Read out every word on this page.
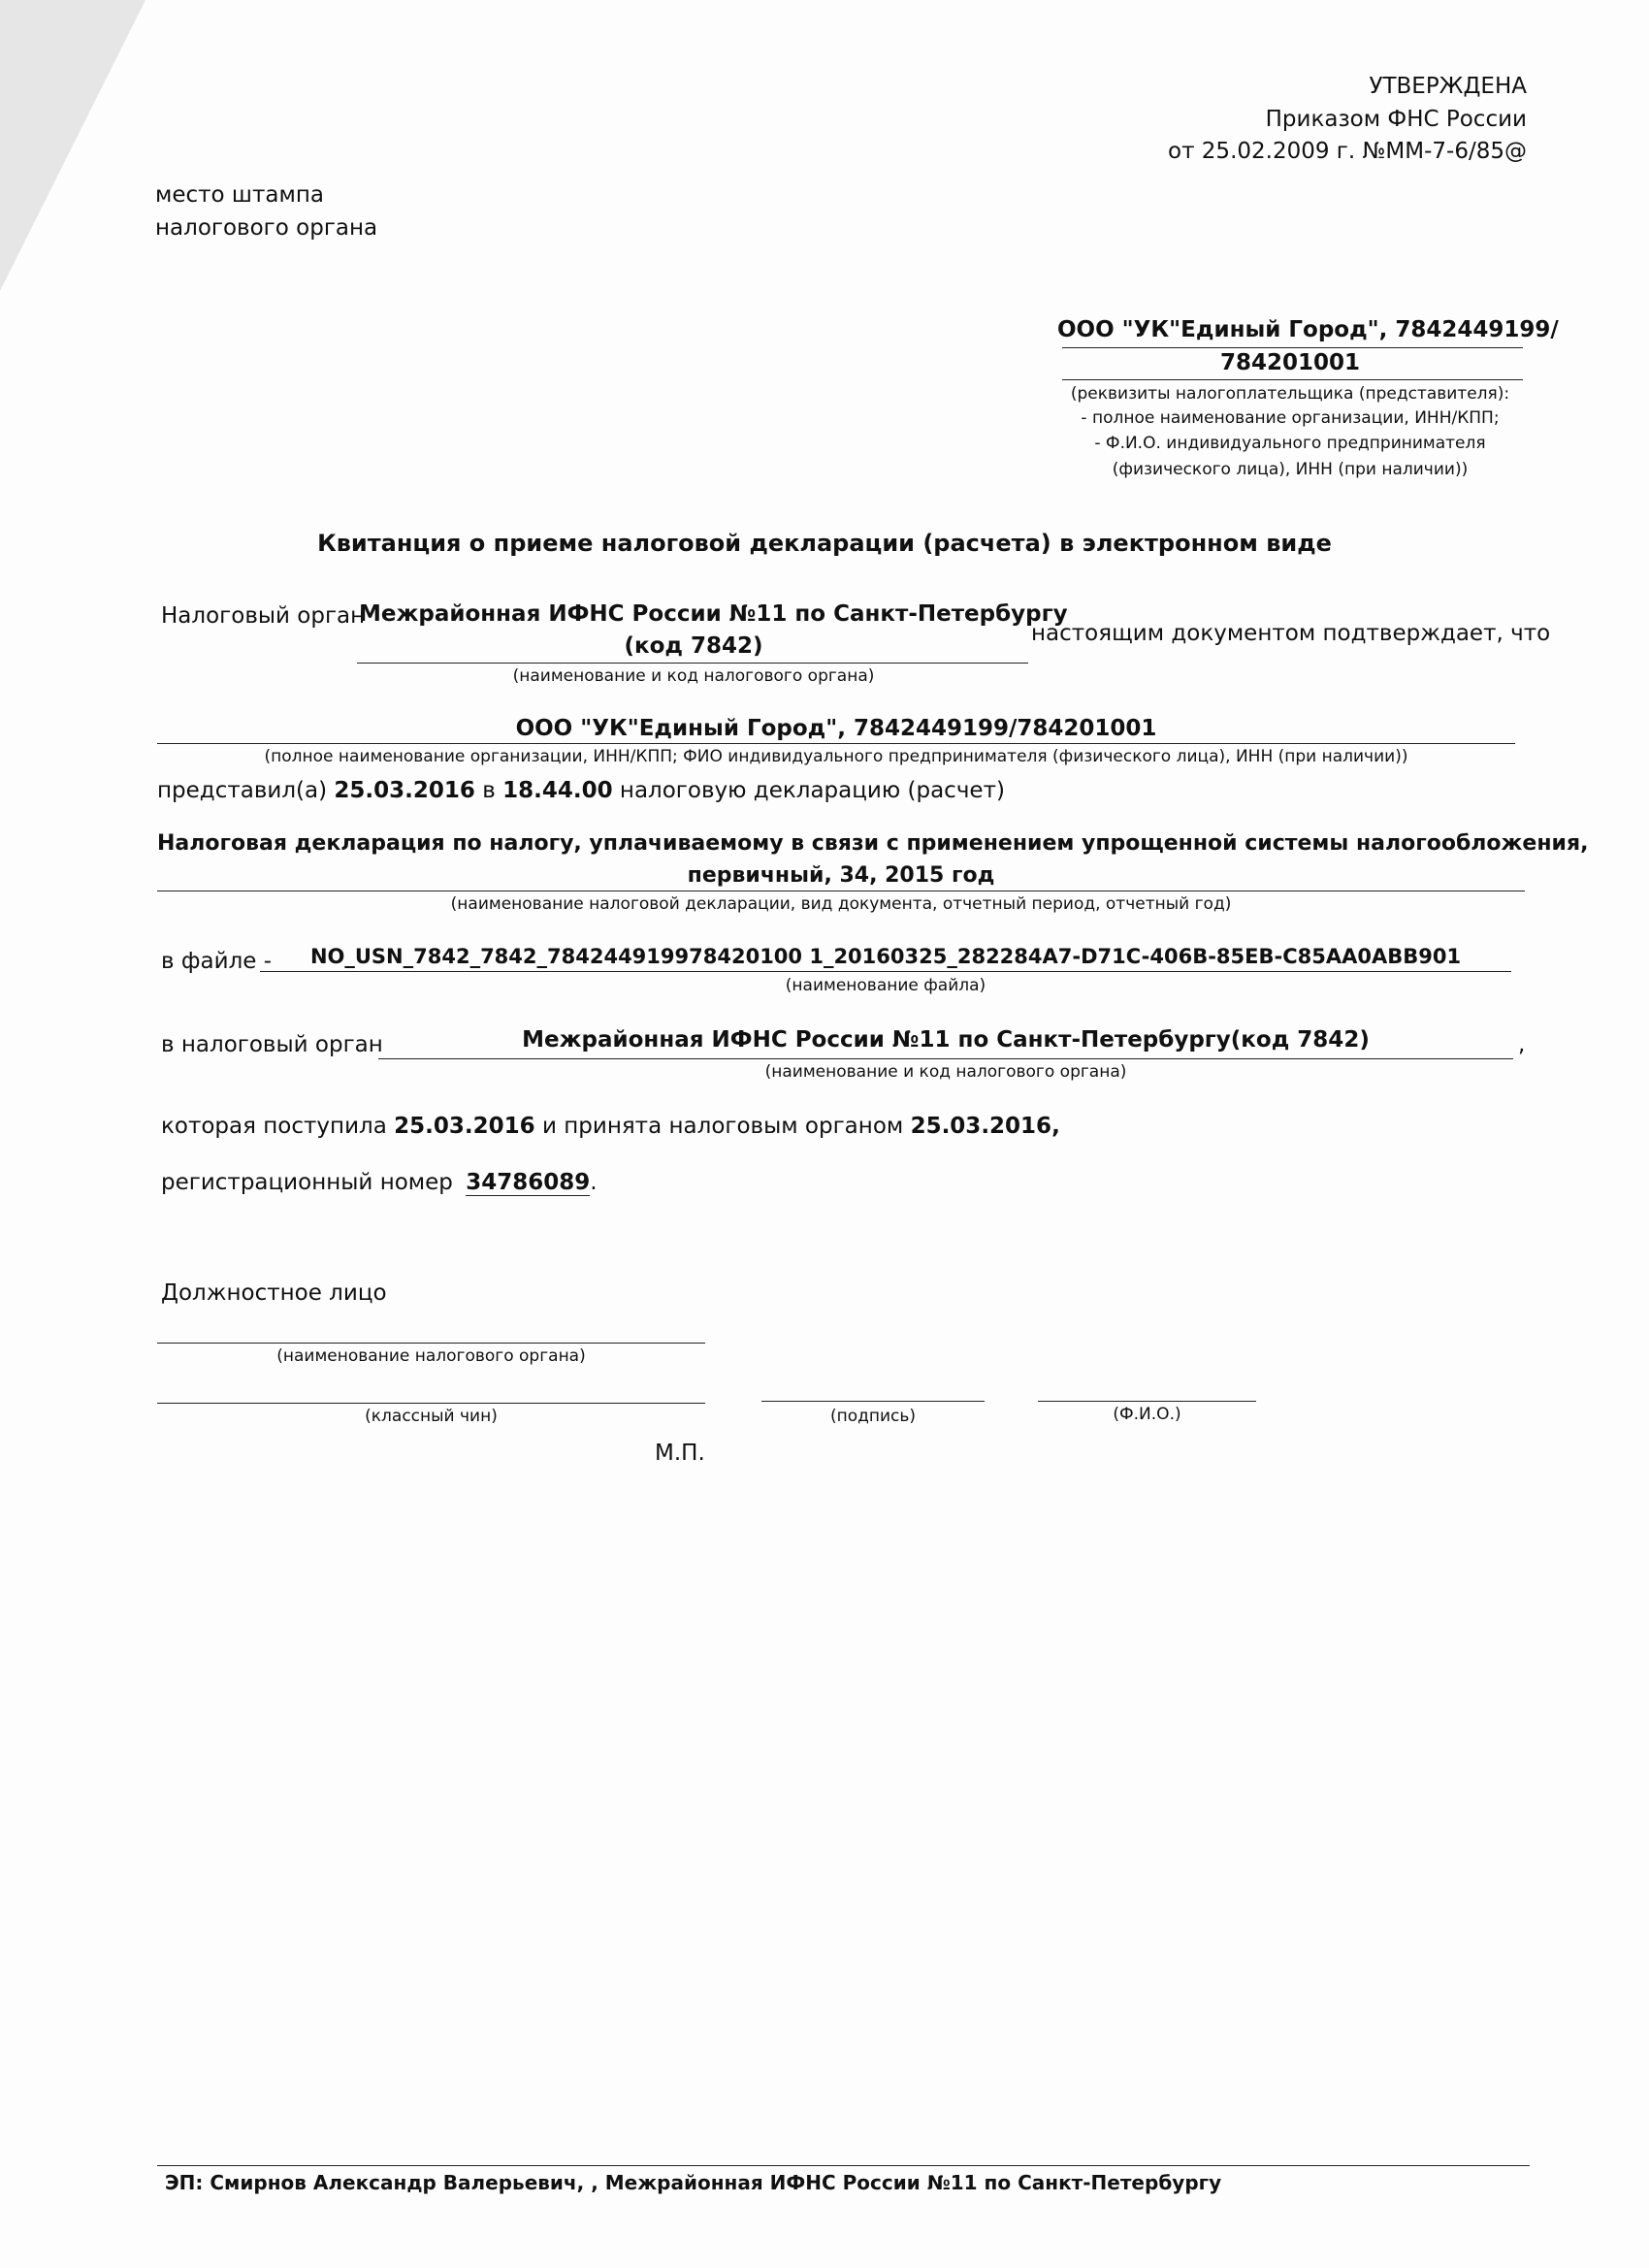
УТВЕРЖДЕНА
Приказом ФНС России
от 25.02.2009 г. №ММ-7-6/85@
место штампа
налогового органа
ООО "УК"Единый Город", 7842449199/
784201001
(реквизиты налогоплательщика (представителя):
- полное наименование организации, ИНН/КПП;
- Ф.И.О. индивидуального предпринимателя
(физического лица), ИНН (при наличии))
Квитанция о приеме налоговой декларации (расчета) в электронном виде
Налоговый орган
Межрайонная ИФНС России №11 по Санкт-Петербургу
(код 7842)	настоящим документом подтверждает, что
(наименование и код налогового органа)
ООО "УК"Единый Город", 7842449199/784201001
(полное наименование организации, ИНН/КПП; ФИО индивидуального предпринимателя (физического лица), ИНН (при наличии))
представил(а) 25.03.2016 в 18.44.00 налоговую декларацию (расчет)
Налоговая декларация по налогу, уплачиваемому в связи с применением упрощенной системы налогообложения,
первичный, 34, 2015 год
(наименование налоговой декларации, вид документа, отчетный период, отчетный год)
в файле -	NO_USN_7842_7842_784244919978420100 1_20160325_282284A7-D71C-406B-85EB-C85AA0ABB901
(наименование файла)
в налоговый орган	Межрайонная ИФНС России №11 по Санкт-Петербургу(код 7842)	,
(наименование и код налогового органа)
которая поступила 25.03.2016 и принята налоговым органом 25.03.2016,
регистрационный номер 34786089.
Должностное лицо
(наименование налогового органа)
(классный чин)	(подпись)	(Ф.И.О.)
М.П.
ЭП: Смирнов Александр Валерьевич, , Межрайонная ИФНС России №11 по Санкт-Петербургу
